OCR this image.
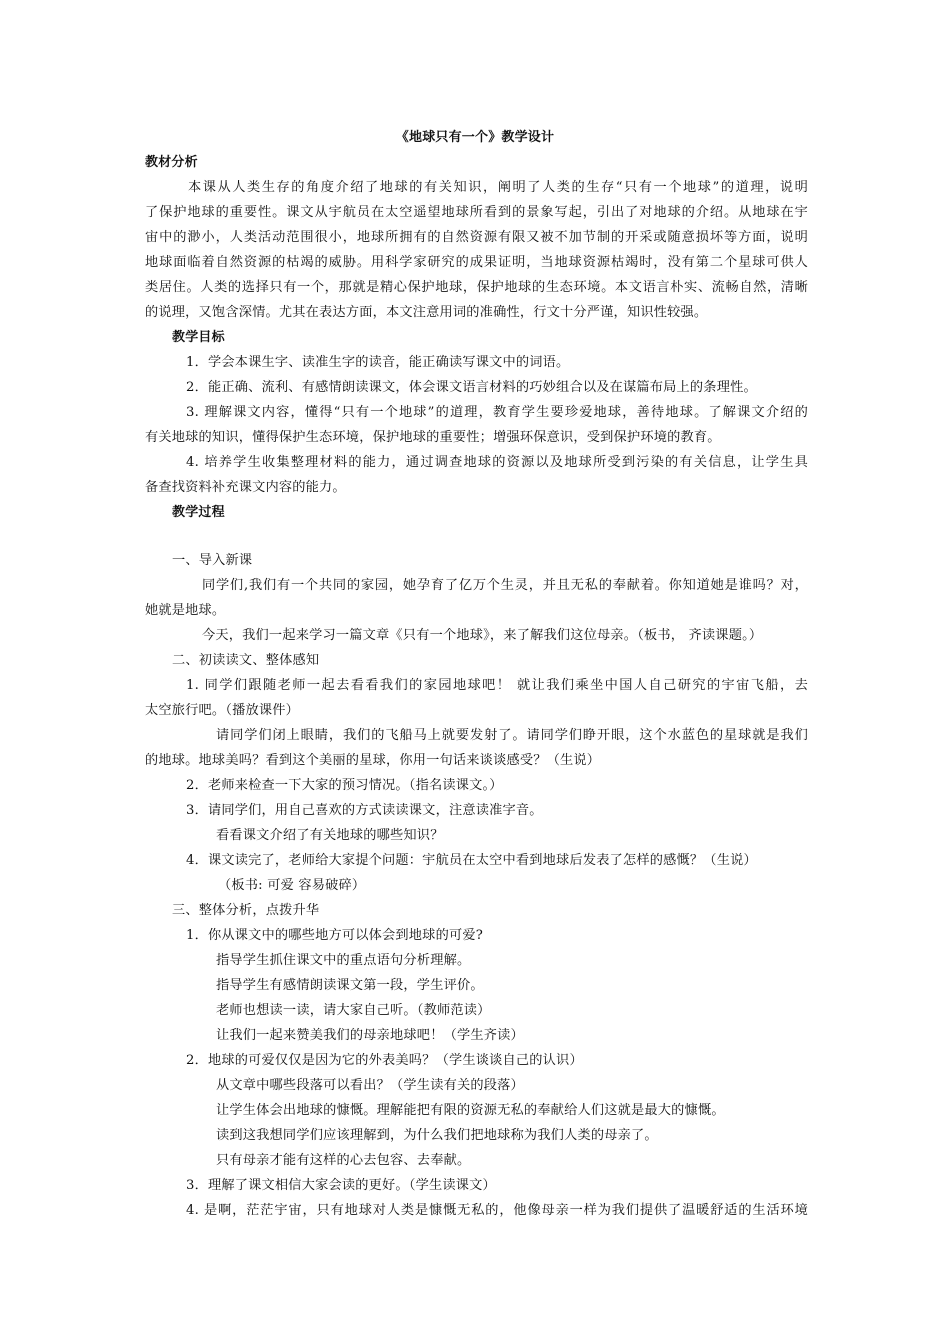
《地球只有一个》教学设计
教材分析
本课从人类生存的角度介绍了地球的有关知识，阐明了人类的生存“只有一个地球”的道理，说明
了保护地球的重要性。课文从宇航员在太空遥望地球所看到的景象写起，引出了对地球的介绍。从地球在宇
宙中的渺小，人类活动范围很小，地球所拥有的自然资源有限又被不加节制的开采或随意损坏等方面，说明
地球面临着自然资源的枯竭的威胁。用科学家研究的成果证明，当地球资源枯竭时，没有第二个星球可供人
类居住。人类的选择只有一个，那就是精心保护地球，保护地球的生态环境。本文语言朴实、流畅自然，清晰
的说理，又饱含深情。尤其在表达方面，本文注意用词的准确性，行文十分严谨，知识性较强。
教学目标
1．学会本课生字、读准生字的读音，能正确读写课文中的词语。
2．能正确、流利、有感情朗读课文，体会课文语言材料的巧妙组合以及在谋篇布局上的条理性。
3. 理解课文内容，懂得“只有一个地球”的道理，教育学生要珍爱地球，善待地球。了解课文介绍的
有关地球的知识，懂得保护生态环境，保护地球的重要性；增强环保意识，受到保护环境的教育。
4. 培养学生收集整理材料的能力，通过调查地球的资源以及地球所受到污染的有关信息，让学生具
备查找资料补充课文内容的能力。
教学过程
一、导入新课
同学们,我们有一个共同的家园，她孕育了亿万个生灵，并且无私的奉献着。你知道她是谁吗？对，
她就是地球。
今天，我们一起来学习一篇文章《只有一个地球》，来了解我们这位母亲。（板书， 齐读课题。）
二、初读读文、整体感知
1. 同学们跟随老师一起去看看我们的家园地球吧！ 就让我们乘坐中国人自己研究的宇宙飞船，去
太空旅行吧。（播放课件）
请同学们闭上眼睛，我们的飞船马上就要发射了。请同学们睁开眼，这个水蓝色的星球就是我们
的地球。地球美吗？看到这个美丽的星球，你用一句话来谈谈感受？（生说）
2．老师来检查一下大家的预习情况。（指名读课文。）
3．请同学们，用自己喜欢的方式读读课文，注意读准字音。
看看课文介绍了有关地球的哪些知识？
4．课文读完了，老师给大家提个问题：宇航员在太空中看到地球后发表了怎样的感慨？（生说）
（板书: 可爱 容易破碎）
三、整体分析，点拨升华
1．你从课文中的哪些地方可以体会到地球的可爱?
指导学生抓住课文中的重点语句分析理解。
指导学生有感情朗读课文第一段，学生评价。
老师也想读一读，请大家自己听。（教师范读）
让我们一起来赞美我们的母亲地球吧！（学生齐读）
2．地球的可爱仅仅是因为它的外表美吗？（学生谈谈自己的认识）
从文章中哪些段落可以看出？（学生读有关的段落）
让学生体会出地球的慷慨。理解能把有限的资源无私的奉献给人们这就是最大的慷慨。
读到这我想同学们应该理解到，为什么我们把地球称为我们人类的母亲了。
只有母亲才能有这样的心去包容、去奉献。
3．理解了课文相信大家会读的更好。（学生读课文）
4. 是啊，茫茫宇宙，只有地球对人类是慷慨无私的，他像母亲一样为我们提供了温暖舒适的生活环境
